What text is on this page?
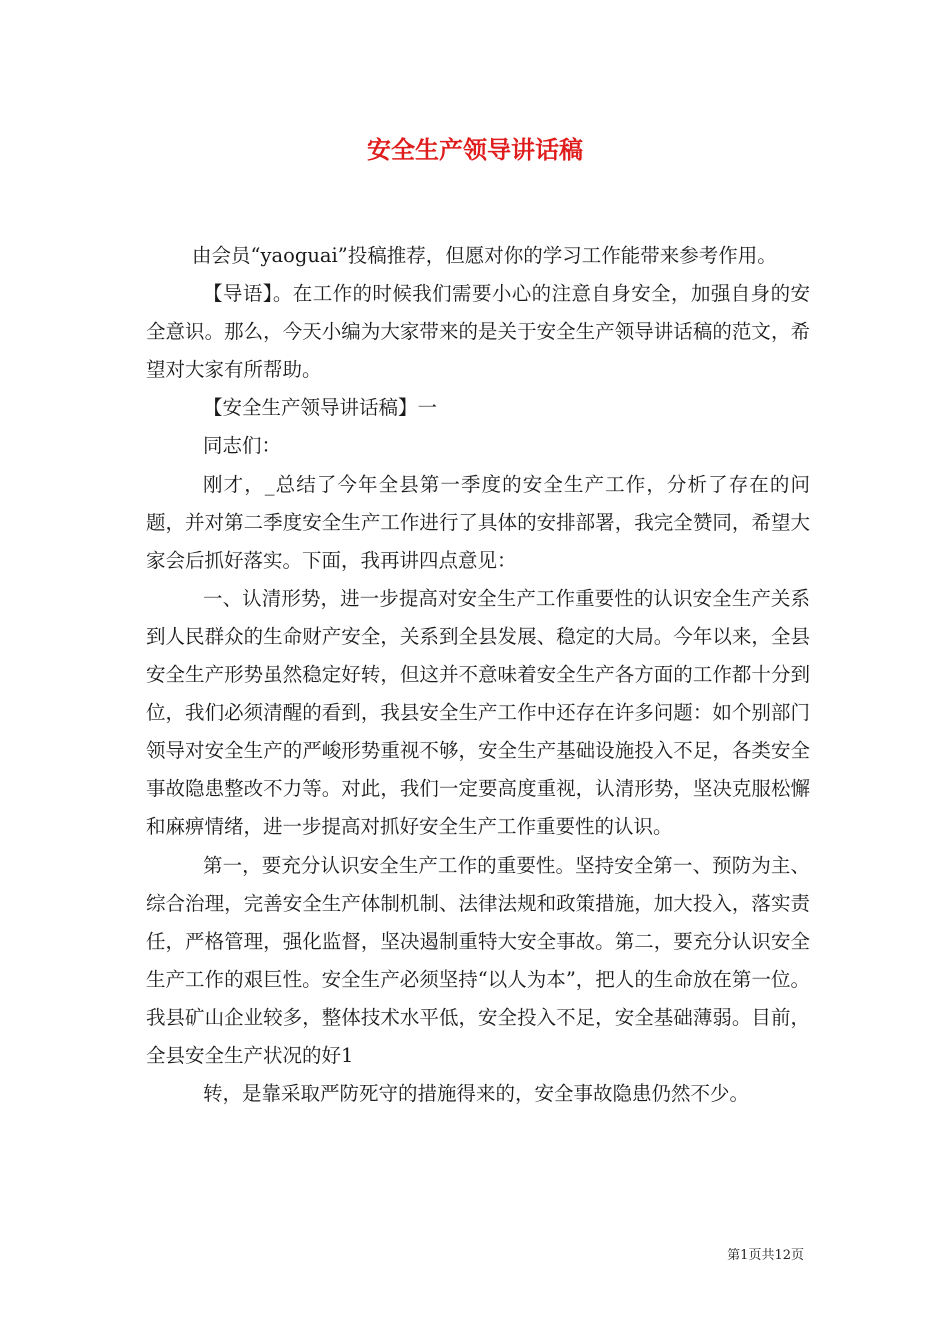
安全生产领导讲话稿

由会员“yaoguai”投稿推荐，但愿对你的学习工作能带来参考作用。

【导语】。在工作的时候我们需要小心的注意自身安全，加强自身的安全意识。那么，今天小编为大家带来的是关于安全生产领导讲话稿的范文，希望对大家有所帮助。

【安全生产领导讲话稿】一

同志们：

刚才，_总结了今年全县第一季度的安全生产工作，分析了存在的问题，并对第二季度安全生产工作进行了具体的安排部署，我完全赞同，希望大家会后抓好落实。下面，我再讲四点意见：

一、认清形势，进一步提高对安全生产工作重要性的认识安全生产关系到人民群众的生命财产安全，关系到全县发展、稳定的大局。今年以来，全县安全生产形势虽然稳定好转，但这并不意味着安全生产各方面的工作都十分到位，我们必须清醒的看到，我县安全生产工作中还存在许多问题：如个别部门领导对安全生产的严峻形势重视不够，安全生产基础设施投入不足，各类安全事故隐患整改不力等。对此，我们一定要高度重视，认清形势，坚决克服松懈和麻痹情绪，进一步提高对抓好安全生产工作重要性的认识。

第一，要充分认识安全生产工作的重要性。坚持安全第一、预防为主、综合治理，完善安全生产体制机制、法律法规和政策措施，加大投入，落实责任，严格管理，强化监督，坚决遏制重特大安全事故。第二，要充分认识安全生产工作的艰巨性。安全生产必须坚持“以人为本”，把人的生命放在第一位。我县矿山企业较多，整体技术水平低，安全投入不足，安全基础薄弱。目前，全县安全生产状况的好1

转，是靠采取严防死守的措施得来的，安全事故隐患仍然不少。

第1页共12页
